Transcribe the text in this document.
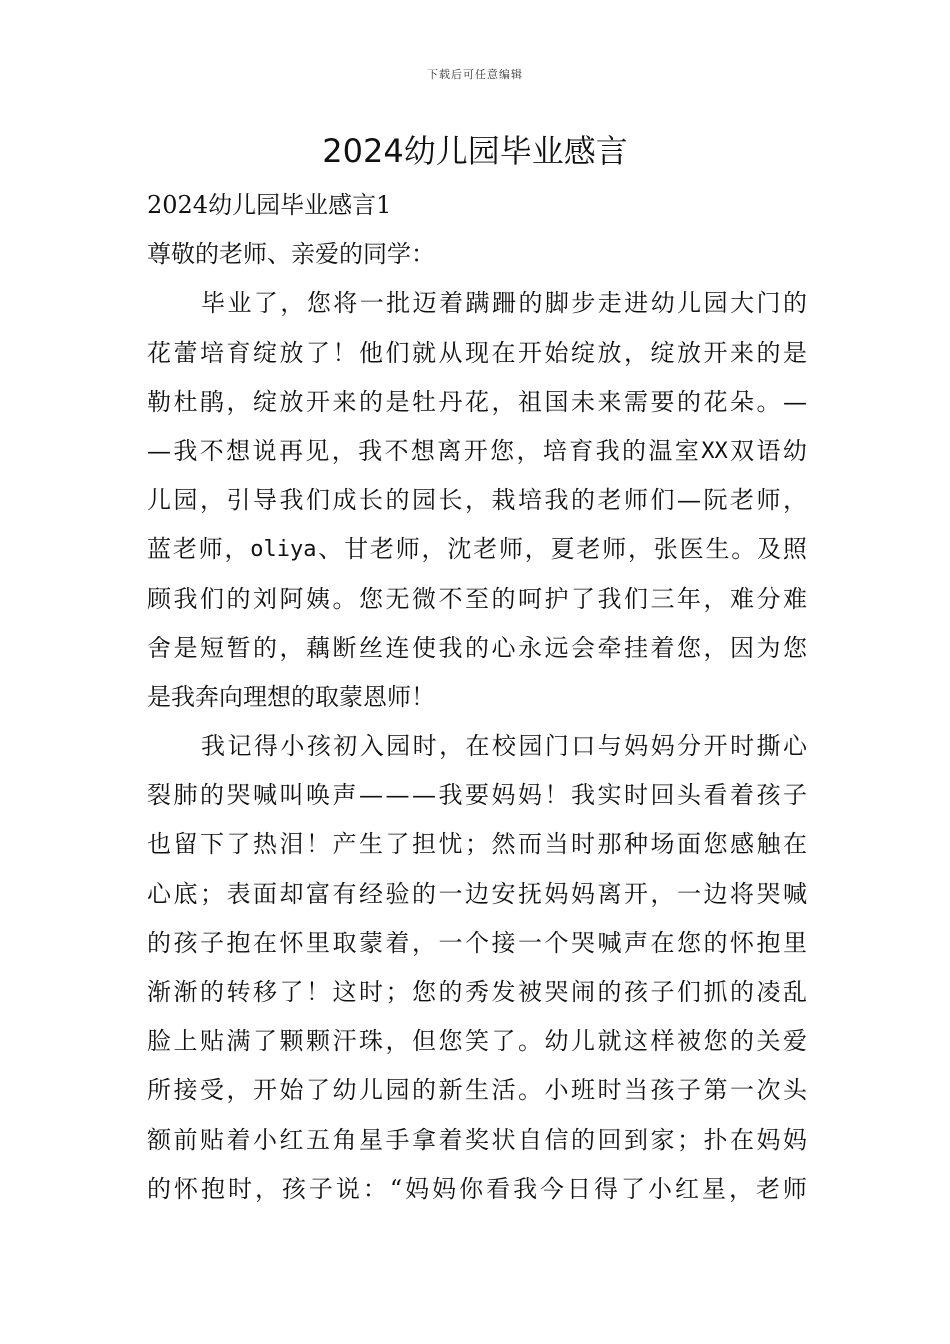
下载后可任意编辑
2024幼儿园毕业感言
2024幼儿园毕业感言1
尊敬的老师、亲爱的同学：
毕 业 了 ， 您 将 一 批 迈 着 蹒 跚 的 脚 步 走 进 幼 儿 园 大 门 的
花 蕾 培 育 绽 放 了 ！ 他 们 就 从 现 在 开 始 绽 放 ， 绽 放 开 来 的 是
勒 杜 鹃 ， 绽 放 开 来 的 是 牡 丹 花 ， 祖 国 未 来 需 要 的 花 朵 。 —
— 我 不 想 说 再 见 ， 我 不 想 离 开 您 ， 培 育 我 的 温 室 XX 双 语 幼
儿 园 ， 引 导 我 们 成 长 的 园 长 ， 栽 培 我 的 老 师 们 — 阮 老 师 ，
蓝 老 师 ， oliya 、 甘 老 师 ， 沈 老 师 ， 夏 老 师 ， 张 医 生 。 及 照
顾 我 们 的 刘 阿 姨 。 您 无 微 不 至 的 呵 护 了 我 们 三 年 ， 难 分 难
舍 是 短 暂 的 ， 藕 断 丝 连 使 我 的 心 永 远 会 牵 挂 着 您 ， 因 为 您
是我奔向理想的取蒙恩师！
我 记 得 小 孩 初 入 园 时 ， 在 校 园 门 口 与 妈 妈 分 开 时 撕 心
裂 肺 的 哭 喊 叫 唤 声 — — — 我 要 妈 妈 ！ 我 实 时 回 头 看 着 孩 子
也 留 下 了 热 泪 ！ 产 生 了 担 忧 ； 然 而 当 时 那 种 场 面 您 感 触 在
心 底 ； 表 面 却 富 有 经 验 的 一 边 安 抚 妈 妈 离 开 ， 一 边 将 哭 喊
的 孩 子 抱 在 怀 里 取 蒙 着 ， 一 个 接 一 个 哭 喊 声 在 您 的 怀 抱 里
渐 渐 的 转 移 了 ！ 这 时 ； 您 的 秀 发 被 哭 闹 的 孩 子 们 抓 的 凌 乱
脸 上 贴 满 了 颗 颗 汗 珠 ， 但 您 笑 了 。 幼 儿 就 这 样 被 您 的 关 爱
所 接 受 ， 开 始 了 幼 儿 园 的 新 生 活 。 小 班 时 当 孩 子 第 一 次 头
额 前 贴 着 小 红 五 角 星 手 拿 着 奖 状 自 信 的 回 到 家 ； 扑 在 妈 妈
的 怀 抱 时 ， 孩 子 说 ： “ 妈 妈 你 看 我 今 日 得 了 小 红 星 ， 老 师
